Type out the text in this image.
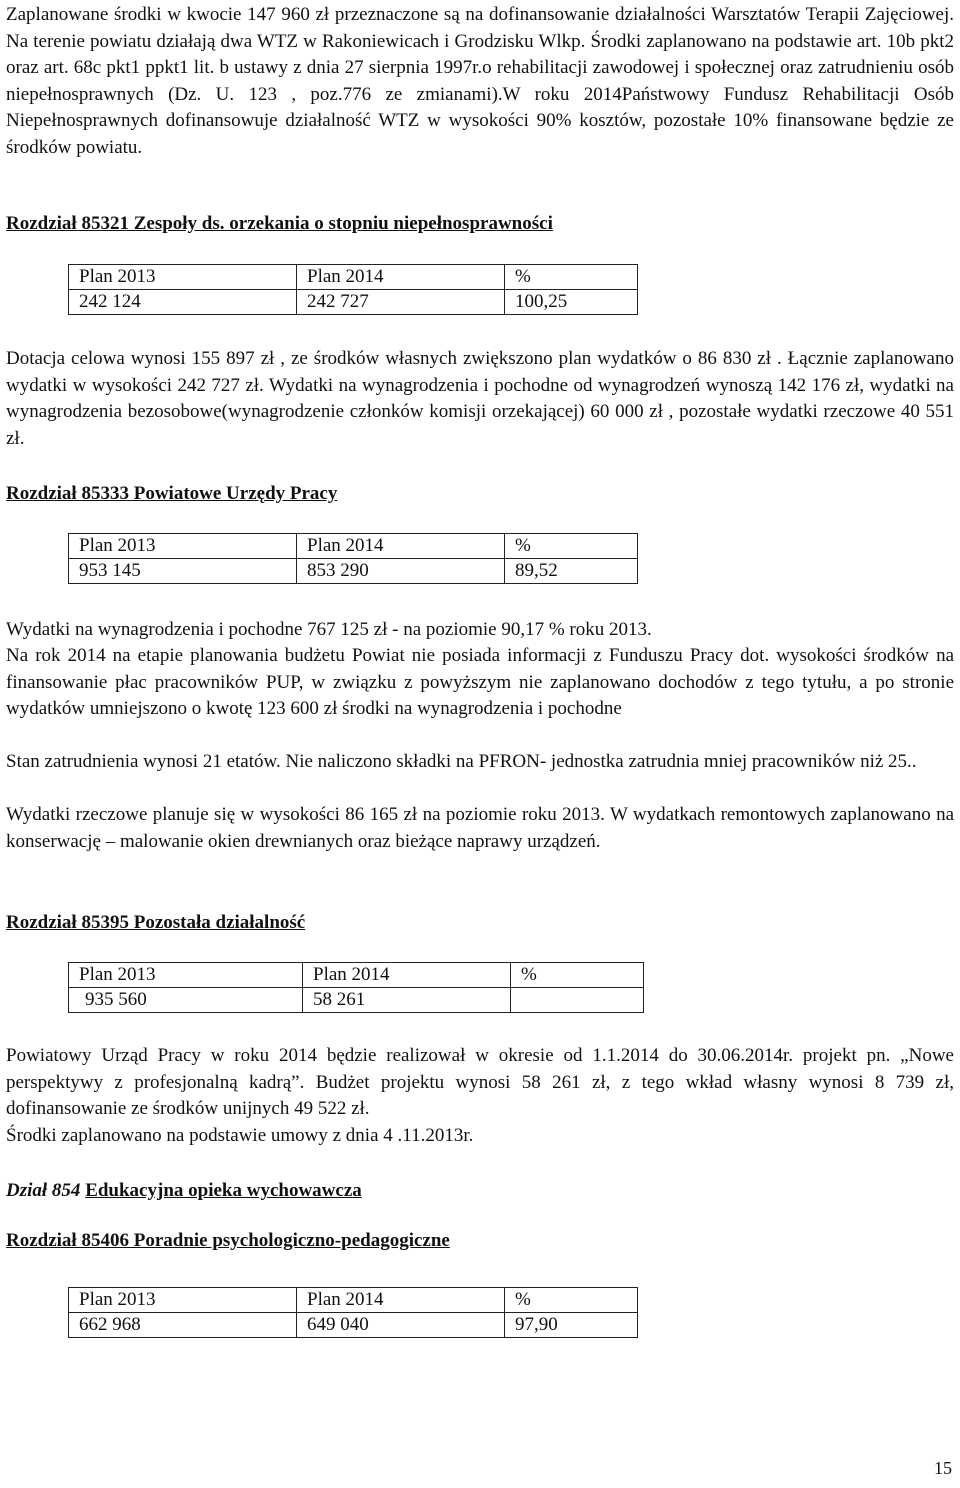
Zaplanowane środki w kwocie 147 960 zł przeznaczone są na dofinansowanie działalności Warsztatów Terapii Zajęciowej. Na terenie powiatu działają dwa WTZ w Rakoniewicach i Grodzisku Wlkp. Środki zaplanowano na podstawie art. 10b pkt2 oraz art. 68c pkt1 ppkt1 lit. b ustawy z dnia 27 sierpnia 1997r.o rehabilitacji zawodowej i społecznej oraz zatrudnieniu osób niepełnosprawnych (Dz. U. 123 , poz.776 ze zmianami).W roku 2014Państwowy Fundusz Rehabilitacji Osób Niepełnosprawnych dofinansowuje działalność WTZ w wysokości 90% kosztów, pozostałe 10% finansowane będzie ze środków powiatu.

Rozdział 85321 Zespoły ds. orzekania o stopniu niepełnosprawności

Plan 2013	Plan 2014	%
242 124	242 727	100,25

Dotacja celowa wynosi 155 897 zł , ze środków własnych zwiększono plan wydatków o 86 830 zł . Łącznie zaplanowano wydatki w wysokości 242 727 zł. Wydatki na wynagrodzenia i pochodne od wynagrodzeń wynoszą 142 176 zł, wydatki na wynagrodzenia bezosobowe(wynagrodzenie członków komisji orzekającej) 60 000 zł , pozostałe wydatki rzeczowe 40 551 zł.

Rozdział 85333 Powiatowe Urzędy Pracy

Plan 2013	Plan 2014	%
953 145	853 290	89,52

Wydatki na wynagrodzenia i pochodne 767 125 zł - na poziomie 90,17 % roku 2013.

Na rok 2014 na etapie planowania budżetu Powiat nie posiada informacji z Funduszu Pracy dot. wysokości środków na finansowanie płac pracowników PUP, w związku z powyższym nie zaplanowano dochodów z tego tytułu, a po stronie wydatków umniejszono o kwotę 123 600 zł środki na wynagrodzenia i pochodne

Stan zatrudnienia wynosi 21 etatów. Nie naliczono składki na PFRON- jednostka zatrudnia mniej pracowników niż 25..

Wydatki rzeczowe planuje się w wysokości 86 165 zł na poziomie roku 2013. W wydatkach remontowych zaplanowano na konserwację – malowanie okien drewnianych oraz bieżące naprawy urządzeń.

Rozdział 85395 Pozostała działalność

Plan 2013	Plan 2014	%
935 560	58 261	

Powiatowy Urząd Pracy w roku 2014 będzie realizował w okresie od 1.1.2014 do 30.06.2014r. projekt pn. „Nowe perspektywy z profesjonalną kadrą”. Budżet projektu wynosi 58 261 zł, z tego wkład własny wynosi 8 739 zł, dofinansowanie ze środków unijnych 49 522 zł.

Środki zaplanowano na podstawie umowy z dnia 4 .11.2013r.

Dział 854 Edukacyjna opieka wychowawcza

Rozdział 85406 Poradnie psychologiczno-pedagogiczne

Plan 2013	Plan 2014	%
662 968	649 040	97,90
15
